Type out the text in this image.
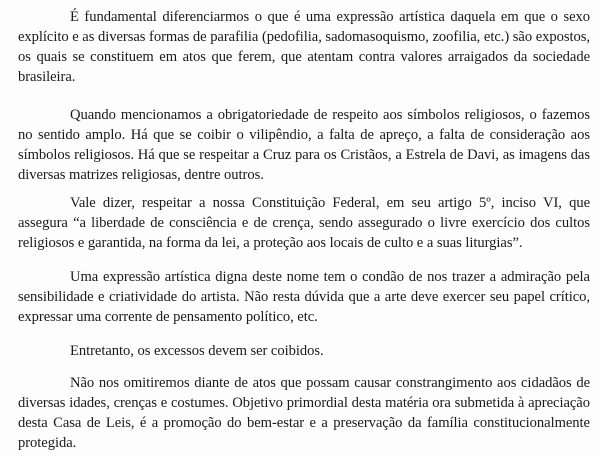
É fundamental diferenciarmos o que é uma expressão artística daquela em que o sexo explícito e as diversas formas de parafilia (pedofilia, sadomasoquismo, zoofilia, etc.) são expostos, os quais se constituem em atos que ferem, que atentam contra valores arraigados da sociedade brasileira.

Quando mencionamos a obrigatoriedade de respeito aos símbolos religiosos, o fazemos no sentido amplo. Há que se coibir o vilipêndio, a falta de apreço, a falta de consideração aos símbolos religiosos. Há que se respeitar a Cruz para os Cristãos, a Estrela de Davi, as imagens das diversas matrizes religiosas, dentre outros.

Vale dizer, respeitar a nossa Constituição Federal, em seu artigo 5º, inciso VI, que assegura “a liberdade de consciência e de crença, sendo assegurado o livre exercício dos cultos religiosos e garantida, na forma da lei, a proteção aos locais de culto e a suas liturgias”.

Uma expressão artística digna deste nome tem o condão de nos trazer a admiração pela sensibilidade e criatividade do artista. Não resta dúvida que a arte deve exercer seu papel crítico, expressar uma corrente de pensamento político, etc.

Entretanto, os excessos devem ser coibidos.

Não nos omitiremos diante de atos que possam causar constrangimento aos cidadãos de diversas idades, crenças e costumes. Objetivo primordial desta matéria ora submetida à apreciação desta Casa de Leis, é a promoção do bem-estar e a preservação da família constitucionalmente protegida.
